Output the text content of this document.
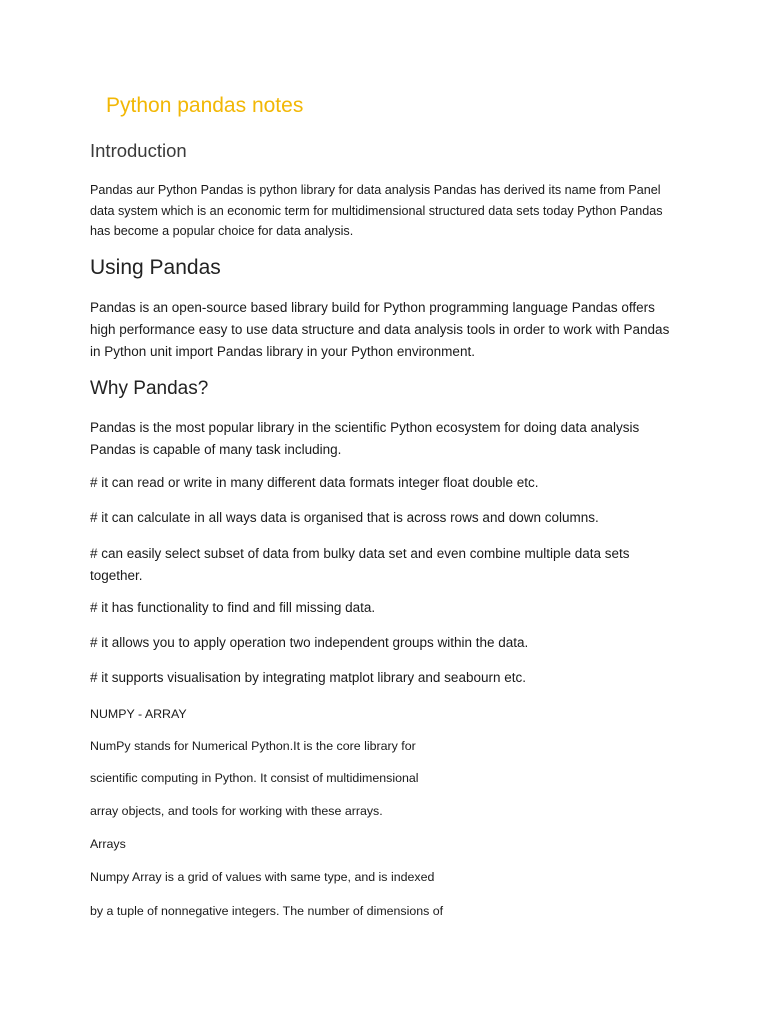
Python pandas notes
Introduction

Pandas aur Python Pandas is python library for data analysis Pandas has derived its name from Panel data system which is an economic term for multidimensional structured data sets today Python Pandas has become a popular choice for data analysis.

Using Pandas

Pandas is an open-source based library build for Python programming language Pandas offers high performance easy to use data structure and data analysis tools in order to work with Pandas in Python unit import Pandas library in your Python environment.

Why Pandas?

Pandas is the most popular library in the scientific Python ecosystem for doing data analysis Pandas is capable of many task including.

# it can read or write in many different data formats integer float double etc.

# it can calculate in all ways data is organised that is across rows and down columns.

# can easily select subset of data from bulky data set and even combine multiple data sets together.

# it has functionality to find and fill missing data.

# it allows you to apply operation two independent groups within the data.

# it supports visualisation by integrating matplot library and seabourn etc.

NUMPY - ARRAY

NumPy stands for Numerical Python.It is the core library for

scientific computing in Python. It consist of multidimensional

array objects, and tools for working with these arrays.

Arrays

Numpy Array is a grid of values with same type, and is indexed

by a tuple of nonnegative integers. The number of dimensions of
